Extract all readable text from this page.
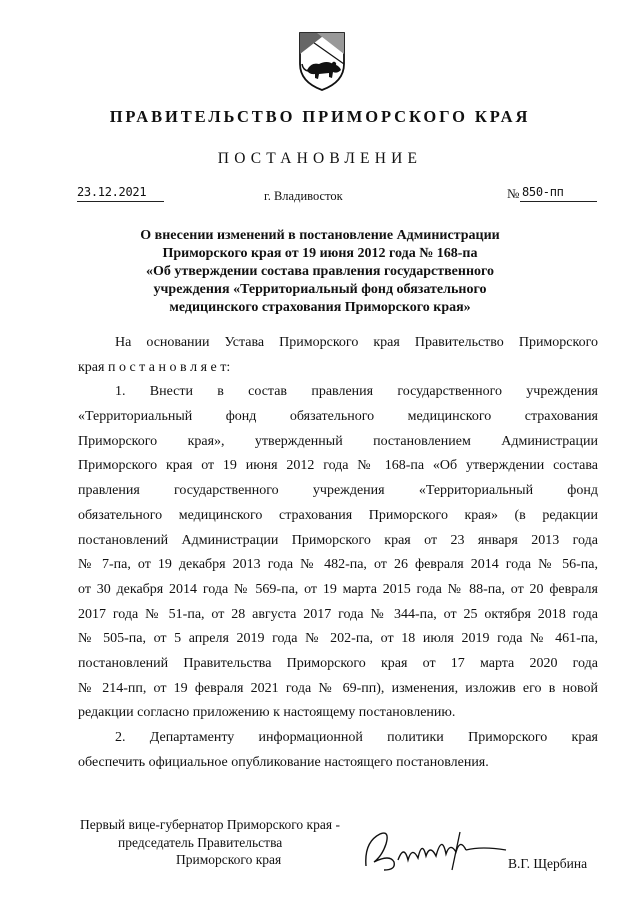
ПРАВИТЕЛЬСТВО ПРИМОРСКОГО КРАЯ
ПОСТАНОВЛЕНИЕ
23.12.2021	г. Владивосток	№ 850-пп
О внесении изменений в постановление Администрации
Приморского края от 19 июня 2012 года № 168-па
«Об утверждении состава правления государственного
учреждения «Территориальный фонд обязательного
медицинского страхования Приморского края»
На основании Устава Приморского края Правительство Приморского
края п о с т а н о в л я е т:
1. Внести в состав правления государственного учреждения
«Территориальный фонд обязательного медицинского страхования
Приморского края», утвержденный постановлением Администрации
Приморского края от 19 июня 2012 года № 168-па «Об утверждении состава
правления государственного учреждения «Территориальный фонд
обязательного медицинского страхования Приморского края» (в редакции
постановлений Администрации Приморского края от 23 января 2013 года
№ 7-па, от 19 декабря 2013 года № 482-па, от 26 февраля 2014 года № 56-па,
от 30 декабря 2014 года № 569-па, от 19 марта 2015 года № 88-па, от 20 февраля
2017 года № 51-па, от 28 августа 2017 года № 344-па, от 25 октября 2018 года
№ 505-па, от 5 апреля 2019 года № 202-па, от 18 июля 2019 года № 461-па,
постановлений Правительства Приморского края от 17 марта 2020 года
№ 214-пп, от 19 февраля 2021 года № 69-пп), изменения, изложив его в новой
редакции согласно приложению к настоящему постановлению.
2. Департаменту информационной политики Приморского края
обеспечить официальное опубликование настоящего постановления.
Первый вице-губернатор Приморского края -
председатель Правительства
Приморского края	В.Г. Щербина
